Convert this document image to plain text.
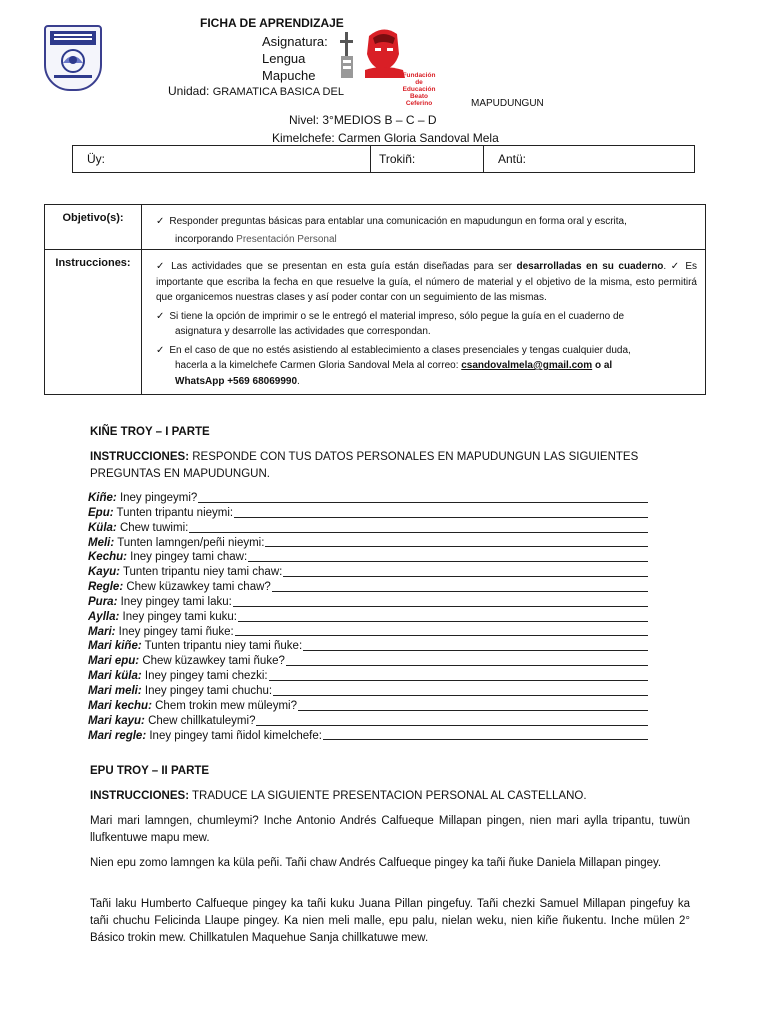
FICHA DE APRENDIZAJE
Asignatura:
Lengua
Mapuche	Fundación de
Educación Beato Ceferino
Unidad: GRAMATICA BASICA DEL
MAPUDUNGUN
Nivel: 3°MEDIOS B – C – D
Kimelchefe: Carmen Gloria Sandoval Mela
Üy:	Trokiñ:	Antü:
Objetivo(s):	✓ Responder preguntas básicas para entablar una comunicación en mapudungun en forma oral y escrita,
incorporando Presentación Personal
Instrucciones:	✓ Las actividades que se presentan en esta guía están diseñadas para ser desarrolladas en su cuaderno. ✓ Es importante que escriba la fecha en que resuelve la guía, el número de material y el objetivo de la misma, esto permitirá que organicemos nuestras clases y así poder contar con un seguimiento de las mismas.
✓ Si tiene la opción de imprimir o se le entregó el material impreso, sólo pegue la guía en el cuaderno de
asignatura y desarrolle las actividades que correspondan.
✓ En el caso de que no estés asistiendo al establecimiento a clases presenciales y tengas cualquier duda,
hacerla a la kimelchefe Carmen Gloria Sandoval Mela al correo: csandovalmela@gmail.com o al
WhatsApp +569 68069990.
KIÑE TROY – I PARTE
INSTRUCCIONES: RESPONDE CON TUS DATOS PERSONALES EN MAPUDUNGUN LAS SIGUIENTES PREGUNTAS EN MAPUDUNGUN.
Kiñe: Iney pingeymi?
Epu: Tunten tripantu nieymi:
Küla: Chew tuwimi:
Meli: Tunten lamngen/peñi nieymi:
Kechu: Iney pingey tami chaw:
Kayu: Tunten tripantu niey tami chaw:
Regle: Chew küzawkey tami chaw?
Pura: Iney pingey tami laku:
Aylla: Iney pingey tami kuku:
Mari: Iney pingey tami ñuke:
Mari kiñe: Tunten tripantu niey tami ñuke:
Mari epu: Chew küzawkey tami ñuke?
Mari küla: Iney pingey tami chezki:
Mari meli: Iney pingey tami chuchu:
Mari kechu: Chem trokin mew müleymi?
Mari kayu: Chew chillkatuleymi?
Mari regle: Iney pingey tami ñidol kimelchefe:
EPU TROY – II PARTE
INSTRUCCIONES: TRADUCE LA SIGUIENTE PRESENTACION PERSONAL AL CASTELLANO.
Mari mari lamngen, chumleymi? Inche Antonio Andrés Calfueque Millapan pingen, nien mari aylla tripantu, tuwün llufkentuwe mapu mew.
Nien epu zomo lamngen ka küla peñi. Tañi chaw Andrés Calfueque pingey ka tañi ñuke Daniela Millapan pingey.
Tañi laku Humberto Calfueque pingey ka tañi kuku Juana Pillan pingefuy. Tañi chezki Samuel Millapan pingefuy ka tañi chuchu Felicinda Llaupe pingey. Ka nien meli malle, epu palu, nielan weku, nien kiñe ñukentu. Inche mülen 2° Básico trokin mew. Chillkatulen Maquehue Sanja chillkatuwe mew.
